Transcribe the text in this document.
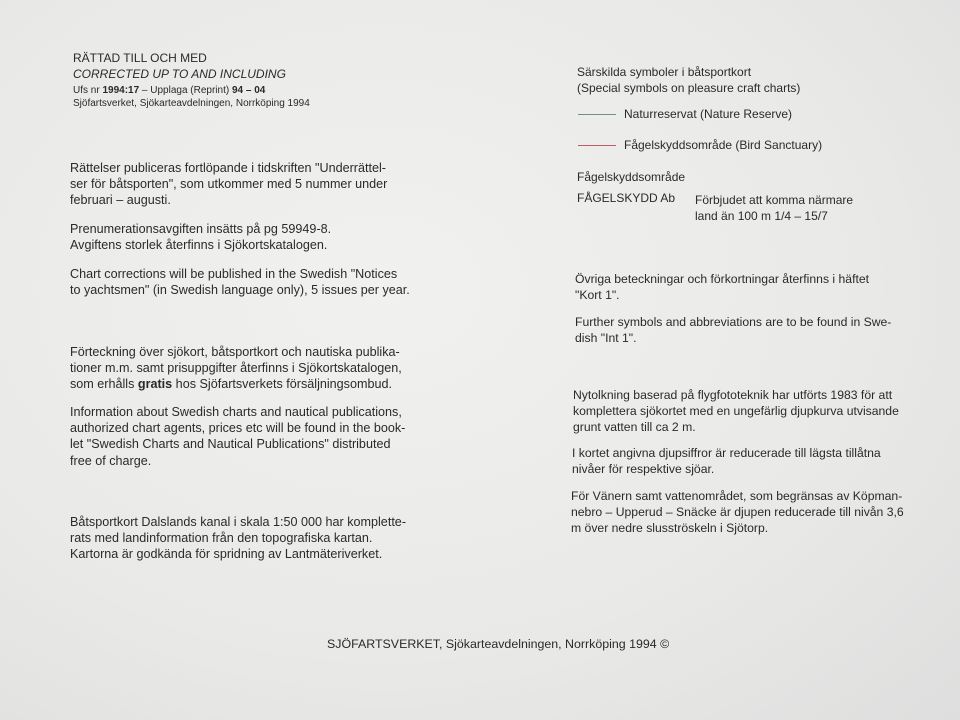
RÄTTAD TILL OCH MED
CORRECTED UP TO AND INCLUDING
Ufs nr 1994:17 – Upplaga (Reprint) 94 – 04
Sjöfartsverket, Sjökarteavdelningen, Norrköping 1994
Rättelser publiceras fortlöpande i tidskriften "Underrättel-
ser för båtsporten", som utkommer med 5 nummer under
februari – augusti.
Prenumerationsavgiften insätts på pg 59949-8.
Avgiftens storlek återfinns i Sjökortskatalogen.
Chart corrections will be published in the Swedish "Notices
to yachtsmen" (in Swedish language only), 5 issues per year.
Förteckning över sjökort, båtsportkort och nautiska publika-
tioner m.m. samt prisuppgifter återfinns i Sjökortskatalogen,
som erhålls gratis hos Sjöfartsverkets försäljningsombud.
Information about Swedish charts and nautical publications,
authorized chart agents, prices etc will be found in the book-
let "Swedish Charts and Nautical Publications" distributed
free of charge.
Båtsportkort Dalslands kanal i skala 1:50 000 har komplette-
rats med landinformation från den topografiska kartan.
Kartorna är godkända för spridning av Lantmäteriverket.
Särskilda symboler i båtsportkort
(Special symbols on pleasure craft charts)
Naturreservat (Nature Reserve)
Fågelskyddsområde (Bird Sanctuary)
Fågelskyddsområde
FÅGELSKYDD Ab Förbjudet att komma närmare
land än 100 m 1/4 – 15/7
Övriga beteckningar och förkortningar återfinns i häftet
"Kort 1".
Further symbols and abbreviations are to be found in Swe-
dish "Int 1".
Nytolkning baserad på flygfototeknik har utförts 1983 för att
komplettera sjökortet med en ungefärlig djupkurva utvisande
grunt vatten till ca 2 m.
I kortet angivna djupsiffror är reducerade till lägsta tillåtna
nivåer för respektive sjöar.
För Vänern samt vattenområdet, som begränsas av Köpman-
nebro – Upperud – Snäcke är djupen reducerade till nivån 3,6
m över nedre slusströskeln i Sjötorp.
SJÖFARTSVERKET, Sjökarteavdelningen, Norrköping 1994 ©
